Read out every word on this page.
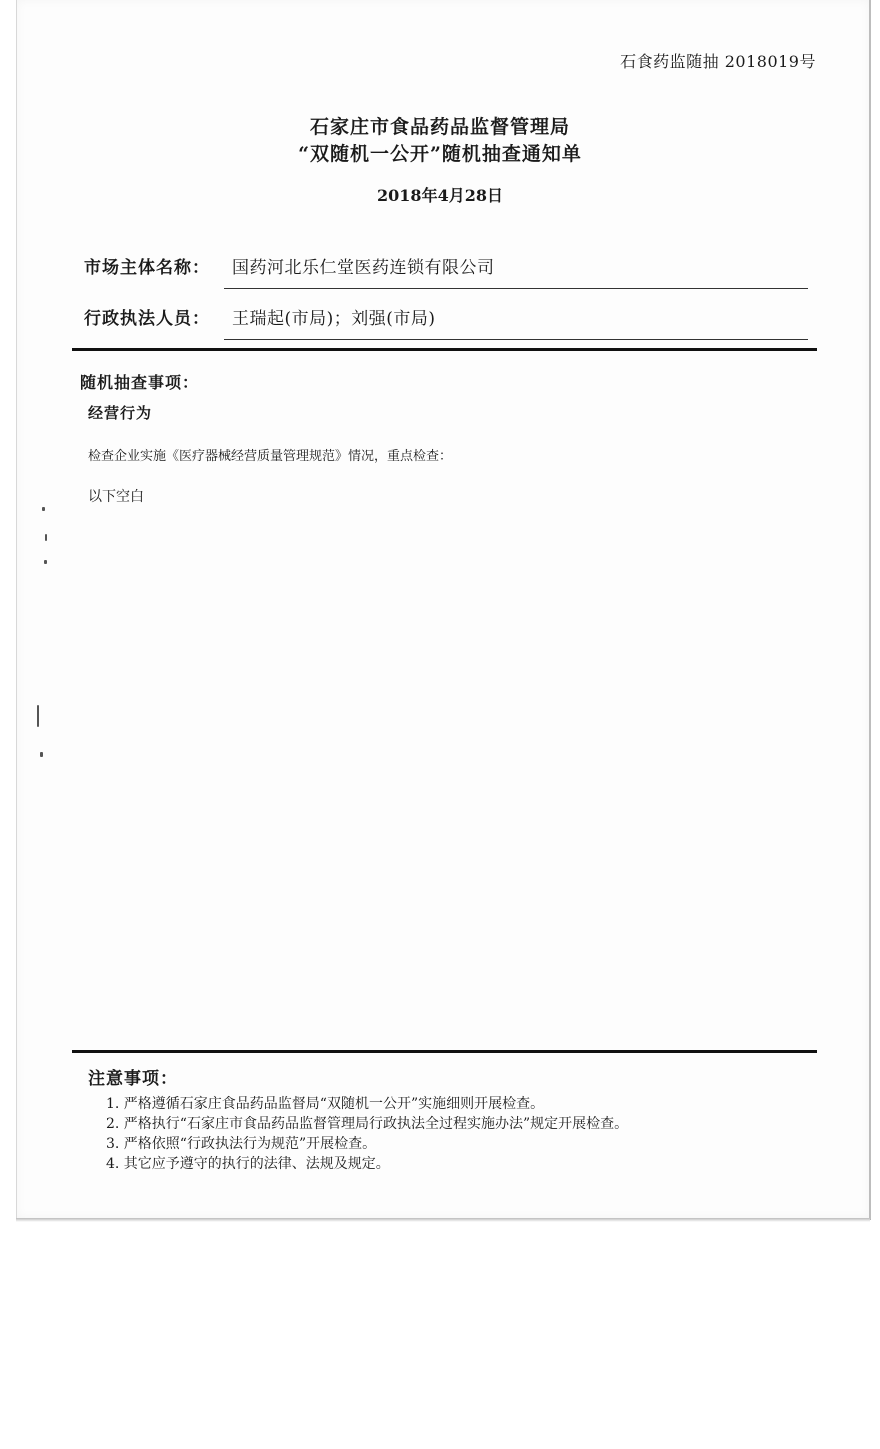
石食药监随抽 2018019号
石家庄市食品药品监督管理局
“双随机一公开”随机抽查通知单
2018年4月28日
市场主体名称： 国药河北乐仁堂医药连锁有限公司
行政执法人员： 王瑞起(市局)；刘强(市局)
随机抽查事项：
经营行为
检查企业实施《医疗器械经营质量管理规范》情况，重点检查：
以下空白
注意事项：
1. 严格遵循石家庄食品药品监督局“双随机一公开”实施细则开展检查。
2. 严格执行“石家庄市食品药品监督管理局行政执法全过程实施办法”规定开展检查。
3. 严格依照“行政执法行为规范”开展检查。
4. 其它应予遵守的执行的法律、法规及规定。
